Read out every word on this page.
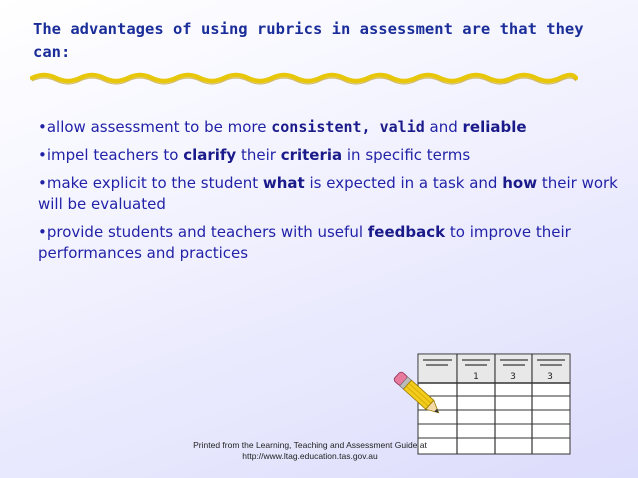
The advantages of using rubrics in assessment are that they can:

•allow assessment to be more consistent, valid and reliable

•impel teachers to clarify their criteria in specific terms

•make explicit to the student what is expected in a task and how their work will be evaluated

•provide students and teachers with useful feedback to improve their performances and practices

1	3	3
Printed from the Learning, Teaching and Assessment Guide at
http://www.ltag.education.tas.gov.au
